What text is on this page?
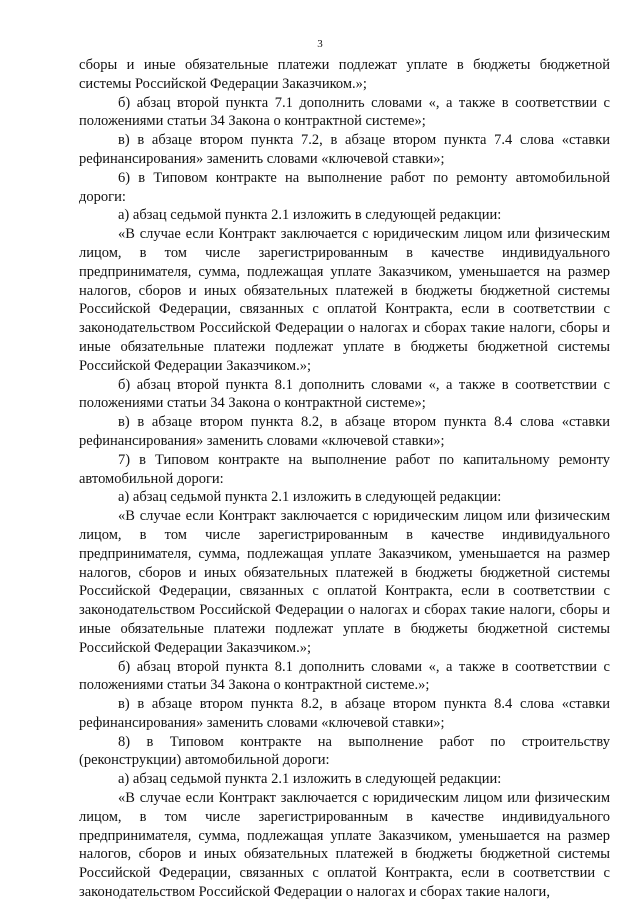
3

сборы и иные обязательные платежи подлежат уплате в бюджеты бюджетной системы Российской Федерации Заказчиком.»;

б) абзац второй пункта 7.1 дополнить словами «, а также в соответствии с положениями статьи 34 Закона о контрактной системе»;

в) в абзаце втором пункта 7.2, в абзаце втором пункта 7.4 слова «ставки рефинансирования» заменить словами «ключевой ставки»;

6) в Типовом контракте на выполнение работ по ремонту автомобильной дороги:

а) абзац седьмой пункта 2.1 изложить в следующей редакции:

«В случае если Контракт заключается с юридическим лицом или физическим лицом, в том числе зарегистрированным в качестве индивидуального предпринимателя, сумма, подлежащая уплате Заказчиком, уменьшается на размер налогов, сборов и иных обязательных платежей в бюджеты бюджетной системы Российской Федерации, связанных с оплатой Контракта, если в соответствии с законодательством Российской Федерации о налогах и сборах такие налоги, сборы и иные обязательные платежи подлежат уплате в бюджеты бюджетной системы Российской Федерации Заказчиком.»;

б) абзац второй пункта 8.1 дополнить словами «, а также в соответствии с положениями статьи 34 Закона о контрактной системе»;

в) в абзаце втором пункта 8.2, в абзаце втором пункта 8.4 слова «ставки рефинансирования» заменить словами «ключевой ставки»;

7) в Типовом контракте на выполнение работ по капитальному ремонту автомобильной дороги:

а) абзац седьмой пункта 2.1 изложить в следующей редакции:

«В случае если Контракт заключается с юридическим лицом или физическим лицом, в том числе зарегистрированным в качестве индивидуального предпринимателя, сумма, подлежащая уплате Заказчиком, уменьшается на размер налогов, сборов и иных обязательных платежей в бюджеты бюджетной системы Российской Федерации, связанных с оплатой Контракта, если в соответствии с законодательством Российской Федерации о налогах и сборах такие налоги, сборы и иные обязательные платежи подлежат уплате в бюджеты бюджетной системы Российской Федерации Заказчиком.»;

б) абзац второй пункта 8.1 дополнить словами «, а также в соответствии с положениями статьи 34 Закона о контрактной системе.»;

в) в абзаце втором пункта 8.2, в абзаце втором пункта 8.4 слова «ставки рефинансирования» заменить словами «ключевой ставки»;

8) в Типовом контракте на выполнение работ по строительству (реконструкции) автомобильной дороги:

а) абзац седьмой пункта 2.1 изложить в следующей редакции:

«В случае если Контракт заключается с юридическим лицом или физическим лицом, в том числе зарегистрированным в качестве индивидуального предпринимателя, сумма, подлежащая уплате Заказчиком, уменьшается на размер налогов, сборов и иных обязательных платежей в бюджеты бюджетной системы Российской Федерации, связанных с оплатой Контракта, если в соответствии с законодательством Российской Федерации о налогах и сборах такие налоги,
